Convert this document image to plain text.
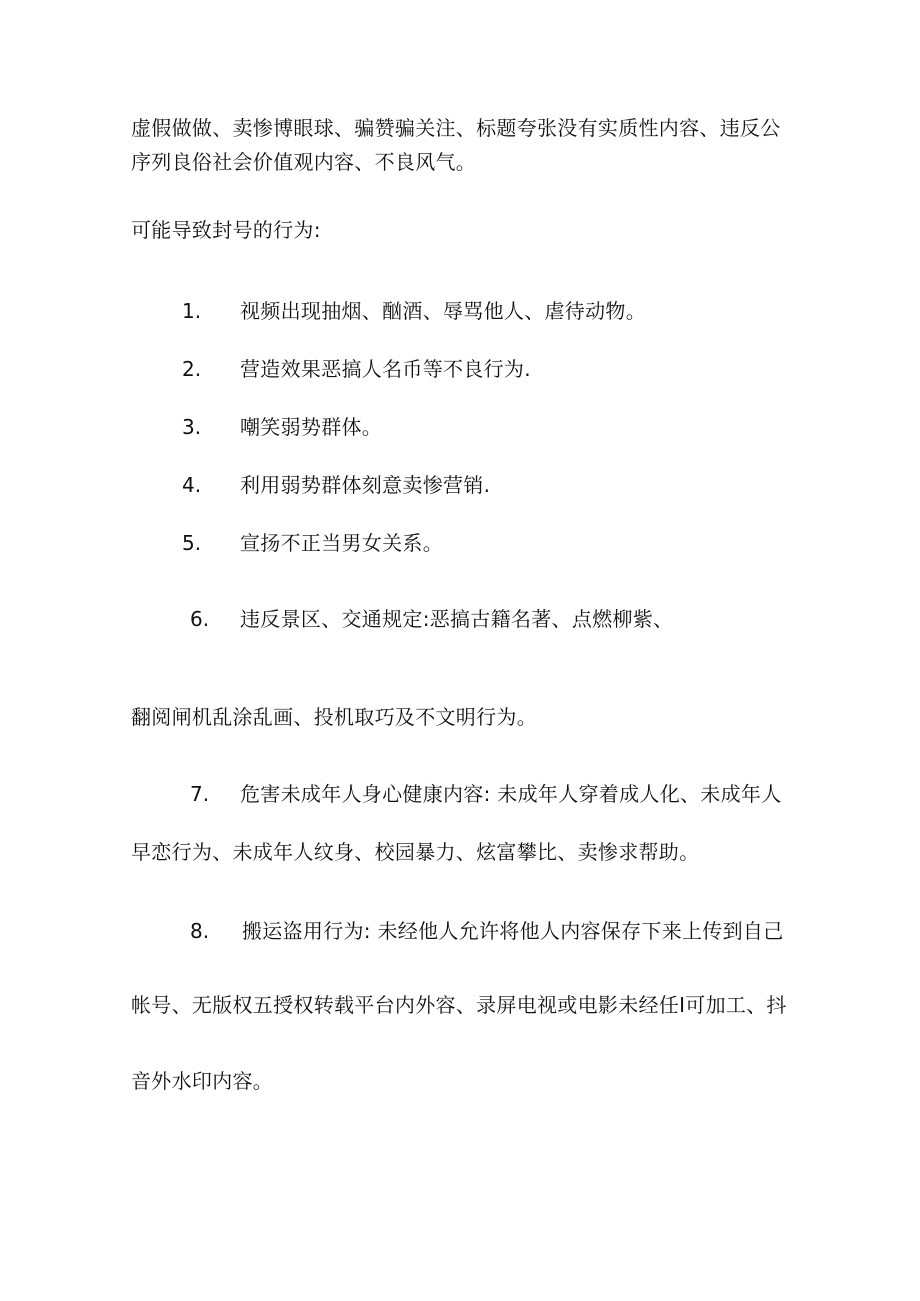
虚假做做、卖惨博眼球、骗赞骗关注、标题夸张没有实质性内容、违反公
序列良俗社会价值观内容、不良风气。
可能导致封号的行为:
1. 视频出现抽烟、酗酒、辱骂他人、虐待动物。
2. 营造效果恶搞人名币等不良行为.
3. 嘲笑弱势群体。
4. 利用弱势群体刻意卖惨营销.
5. 宣扬不正当男女关系。
6. 违反景区、交通规定:恶搞古籍名著、点燃柳紫、
翻阅闸机乱涂乱画、投机取巧及不文明行为。
7. 危害未成年人身心健康内容: 未成年人穿着成人化、未成年人
早恋行为、未成年人纹身、校园暴力、炫富攀比、卖惨求帮助。
8. 搬运盗用行为: 未经他人允许将他人内容保存下来上传到自己
帐号、无版权五授权转载平台内外容、录屏电视或电影未经任I可加工、抖
音外水印内容。
